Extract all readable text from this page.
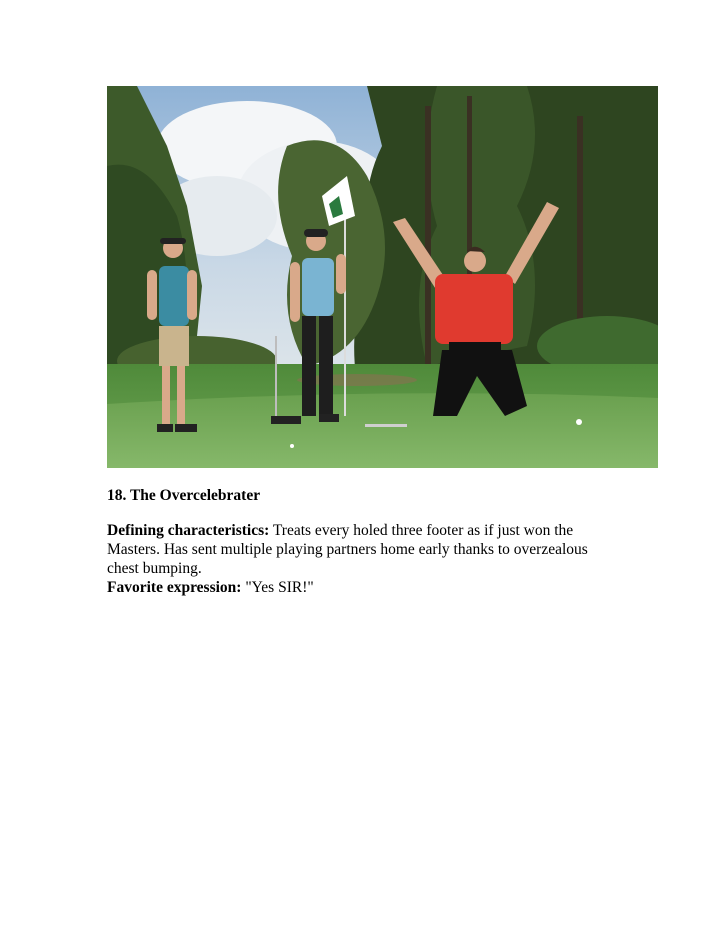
18. The Overcelebrater

Defining characteristics: Treats every holed three footer as if just won the Masters. Has sent multiple playing partners home early thanks to overzealous chest bumping.

Favorite expression: "Yes SIR!"
